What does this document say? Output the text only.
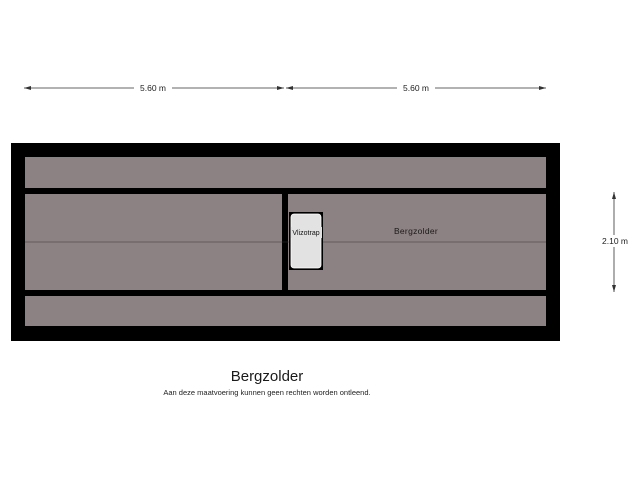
5.60 m	5.60 m
2.10 m
Vlizotrap	Bergzolder
Bergzolder
Aan deze maatvoering kunnen geen rechten worden ontleend.
